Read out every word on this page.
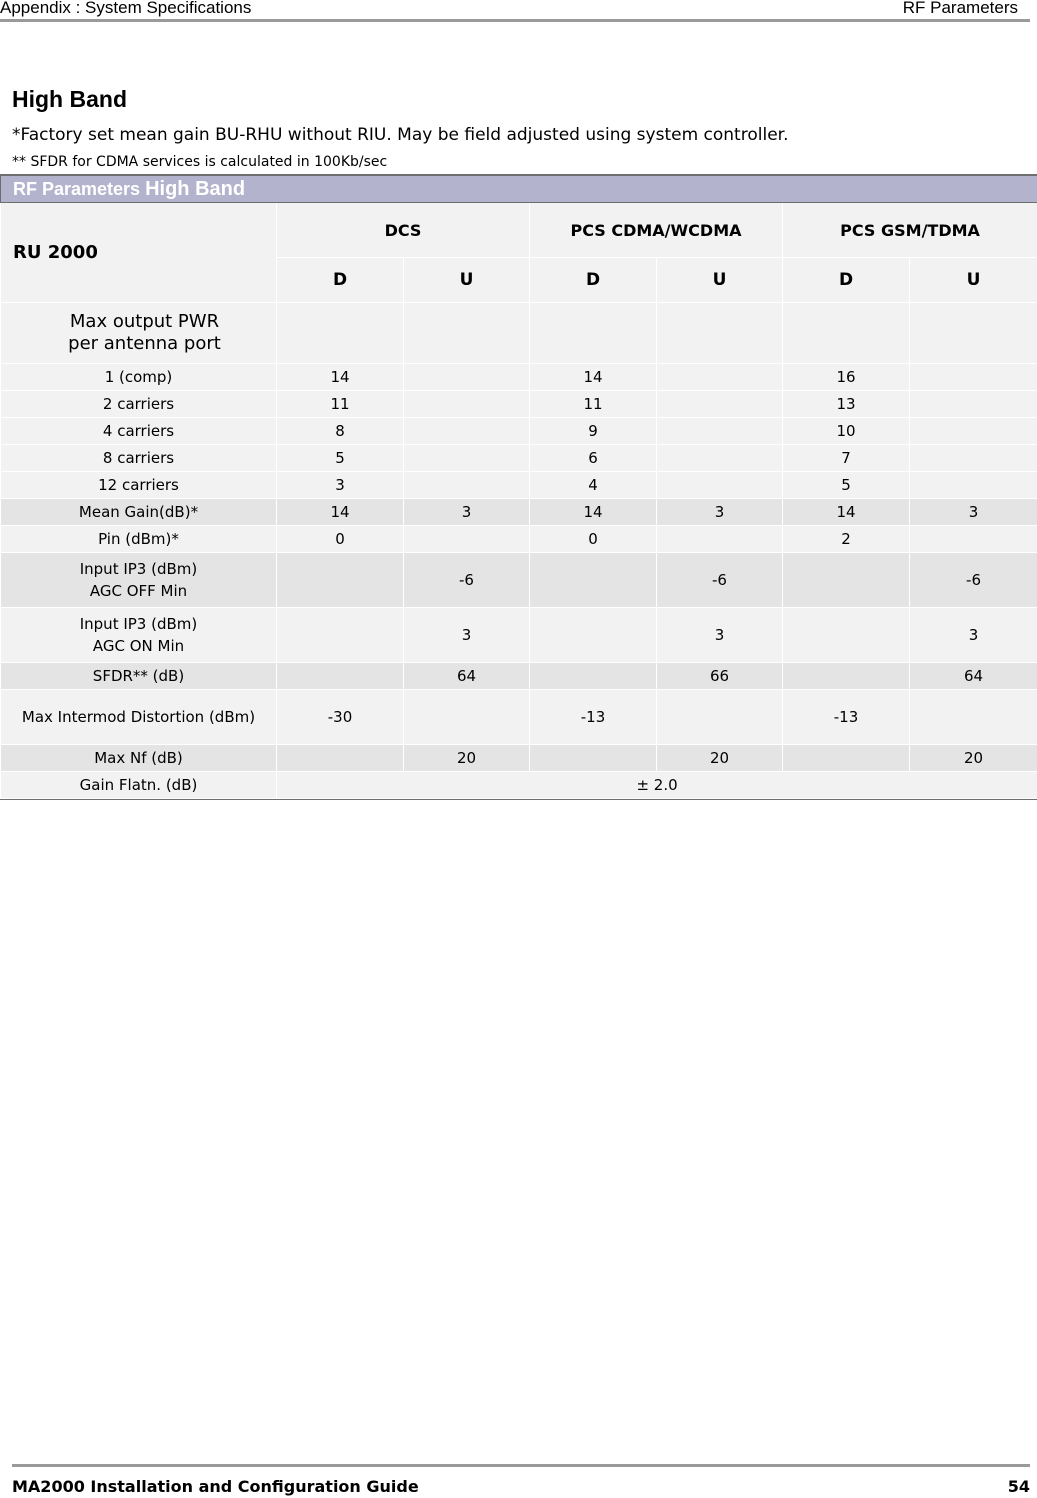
Appendix : System Specifications	RF Parameters
High Band
*Factory set mean gain BU-RHU without RIU. May be field adjusted using system controller.
** SFDR for CDMA services is calculated in 100Kb/sec
RF Parameters High Band						
RU 2000	DCS		PCS CDMA/WCDMA		PCS GSM/TDMA	
	D	U	D	U	D	U

Max output PWR
per antenna port						

1 (comp)	14		14		16	
2 carriers	11		11		13	
4 carriers	8		9		10	
8 carriers	5		6		7	
12 carriers	3		4		5	
Mean Gain(dB)*	14	3	14	3	14	3
Pin (dBm)*	0		0		2	

Input IP3 (dBm)
AGC OFF Min		-6		-6		-6

Input IP3 (dBm)
AGC ON Min		3		3		3
SFDR** (dB)		64		66		64
Max Intermod Distortion (dBm)	-30		-13		-13	
Max Nf (dB)		20		20		20
Gain Flatn. (dB)	± 2.0					
MA2000 Installation and Configuration Guide	54
